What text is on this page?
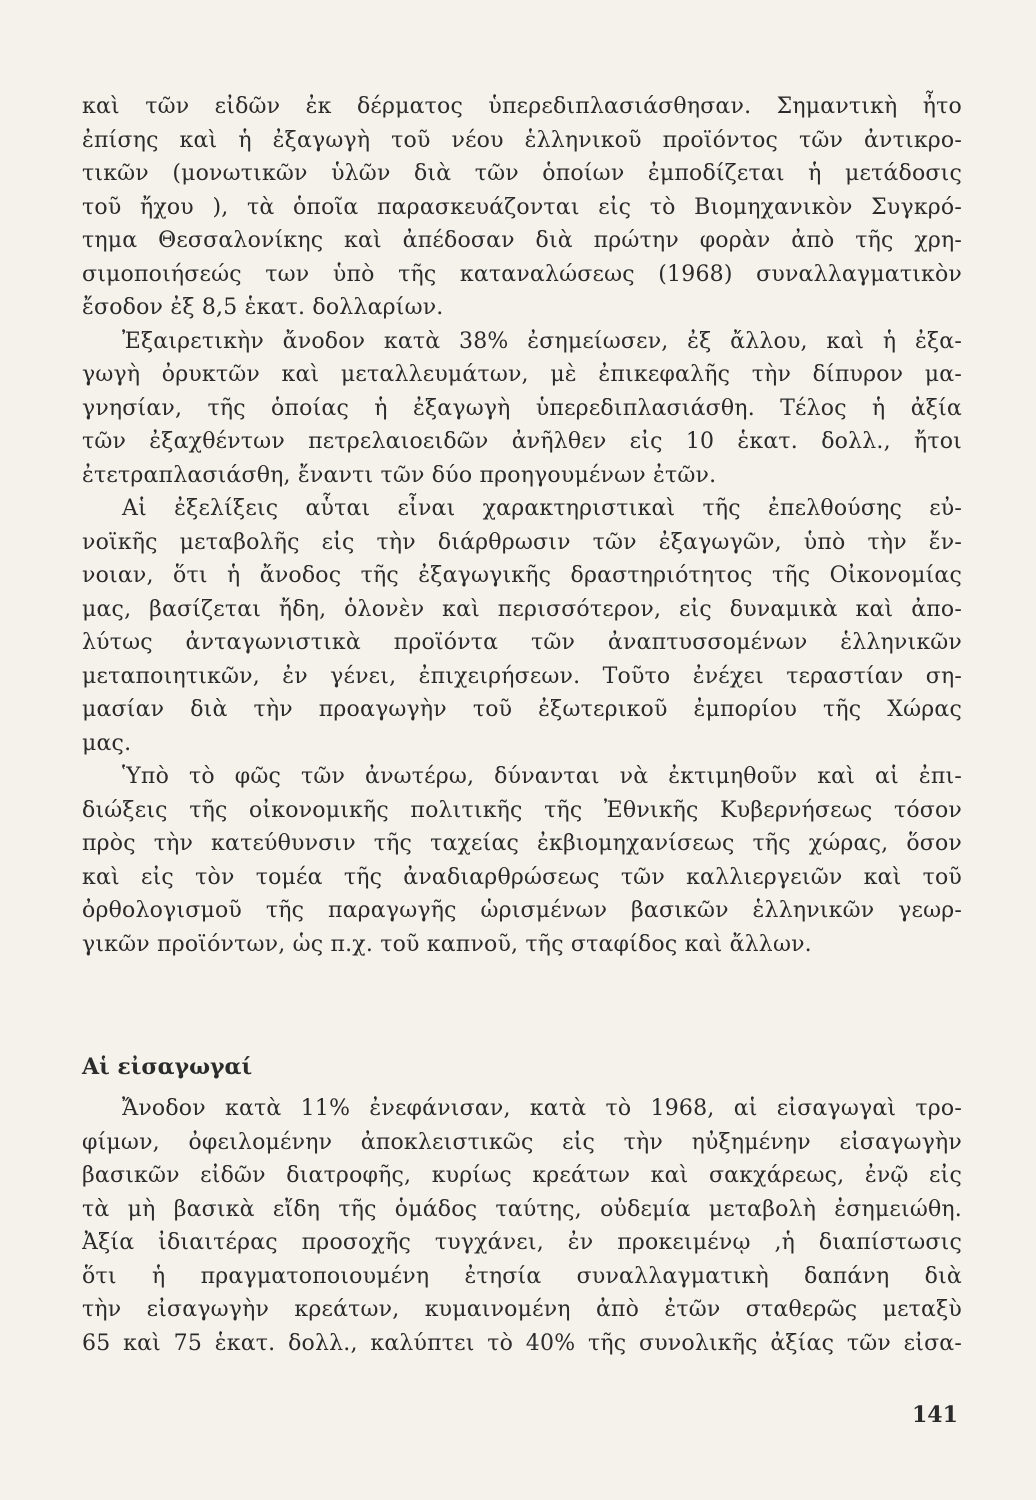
καὶ τῶν εἰδῶν ἐκ δέρματος ὑπερεδιπλασιάσθησαν. Σημαντικὴ ἦτο
ἐπίσης καὶ ἡ ἐξαγωγὴ τοῦ νέου ἑλληνικοῦ προϊόντος τῶν ἀντικρο-
τικῶν (μονωτικῶν ὑλῶν διὰ τῶν ὁποίων ἐμποδίζεται ἡ μετάδοσις
τοῦ ἤχου ), τὰ ὁποῖα παρασκευάζονται εἰς τὸ Βιομηχανικὸν Συγκρό-
τημα Θεσσαλονίκης καὶ ἀπέδοσαν διὰ πρώτην φορὰν ἀπὸ τῆς χρη-
σιμοποιήσεώς των ὑπὸ τῆς καταναλώσεως (1968) συναλλαγματικὸν
ἔσοδον ἐξ 8,5 ἑκατ. δολλαρίων.
Ἐξαιρετικὴν ἄνοδον κατὰ 38% ἐσημείωσεν, ἐξ ἄλλου, καὶ ἡ ἐξα-
γωγὴ ὀρυκτῶν καὶ μεταλλευμάτων, μὲ ἐπικεφαλῆς τὴν δίπυρον μα-
γνησίαν, τῆς ὁποίας ἡ ἐξαγωγὴ ὑπερεδιπλασιάσθη. Τέλος ἡ ἀξία
τῶν ἐξαχθέντων πετρελαιοειδῶν ἀνῆλθεν εἰς 10 ἑκατ. δολλ., ἤτοι
ἐτετραπλασιάσθη, ἔναντι τῶν δύο προηγουμένων ἐτῶν.
Αἱ ἐξελίξεις αὗται εἶναι χαρακτηριστικαὶ τῆς ἐπελθούσης εὐ-
νοϊκῆς μεταβολῆς εἰς τὴν διάρθρωσιν τῶν ἐξαγωγῶν, ὑπὸ τὴν ἔν-
νοιαν, ὅτι ἡ ἄνοδος τῆς ἐξαγωγικῆς δραστηριότητος τῆς Οἰκονομίας
μας, βασίζεται ἤδη, ὁλονὲν καὶ περισσότερον, εἰς δυναμικὰ καὶ ἀπο-
λύτως ἀνταγωνιστικὰ προϊόντα τῶν ἀναπτυσσομένων ἑλληνικῶν
μεταποιητικῶν, ἐν γένει, ἐπιχειρήσεων. Τοῦτο ἐνέχει τεραστίαν ση-
μασίαν διὰ τὴν προαγωγὴν τοῦ ἐξωτερικοῦ ἐμπορίου τῆς Χώρας
μας.
Ὑπὸ τὸ φῶς τῶν ἀνωτέρω, δύνανται νὰ ἐκτιμηθοῦν καὶ αἱ ἐπι-
διώξεις τῆς οἰκονομικῆς πολιτικῆς τῆς Ἐθνικῆς Κυβερνήσεως τόσον
πρὸς τὴν κατεύθυνσιν τῆς ταχείας ἐκβιομηχανίσεως τῆς χώρας, ὅσον
καὶ εἰς τὸν τομέα τῆς ἀναδιαρθρώσεως τῶν καλλιεργειῶν καὶ τοῦ
ὀρθολογισμοῦ τῆς παραγωγῆς ὡρισμένων βασικῶν ἑλληνικῶν γεωρ-
γικῶν προϊόντων, ὡς π.χ. τοῦ καπνοῦ, τῆς σταφίδος καὶ ἄλλων.
Αἱ εἰσαγωγαί
Ἄνοδον κατὰ 11% ἐνεφάνισαν, κατὰ τὸ 1968, αἱ εἰσαγωγαὶ τρο-
φίμων, ὀφειλομένην ἀποκλειστικῶς εἰς τὴν ηὐξημένην εἰσαγωγὴν
βασικῶν εἰδῶν διατροφῆς, κυρίως κρεάτων καὶ σακχάρεως, ἐνῷ εἰς
τὰ μὴ βασικὰ εἴδη τῆς ὁμάδος ταύτης, οὐδεμία μεταβολὴ ἐσημειώθη.
Ἀξία ἰδιαιτέρας προσοχῆς τυγχάνει, ἐν προκειμένῳ ,ἡ διαπίστωσις
ὅτι ἡ πραγματοποιουμένη ἐτησία συναλλαγματικὴ δαπάνη διὰ
τὴν εἰσαγωγὴν κρεάτων, κυμαινομένη ἀπὸ ἐτῶν σταθερῶς μεταξὺ
65 καὶ 75 ἑκατ. δολλ., καλύπτει τὸ 40% τῆς συνολικῆς ἀξίας τῶν εἰσα-
141
